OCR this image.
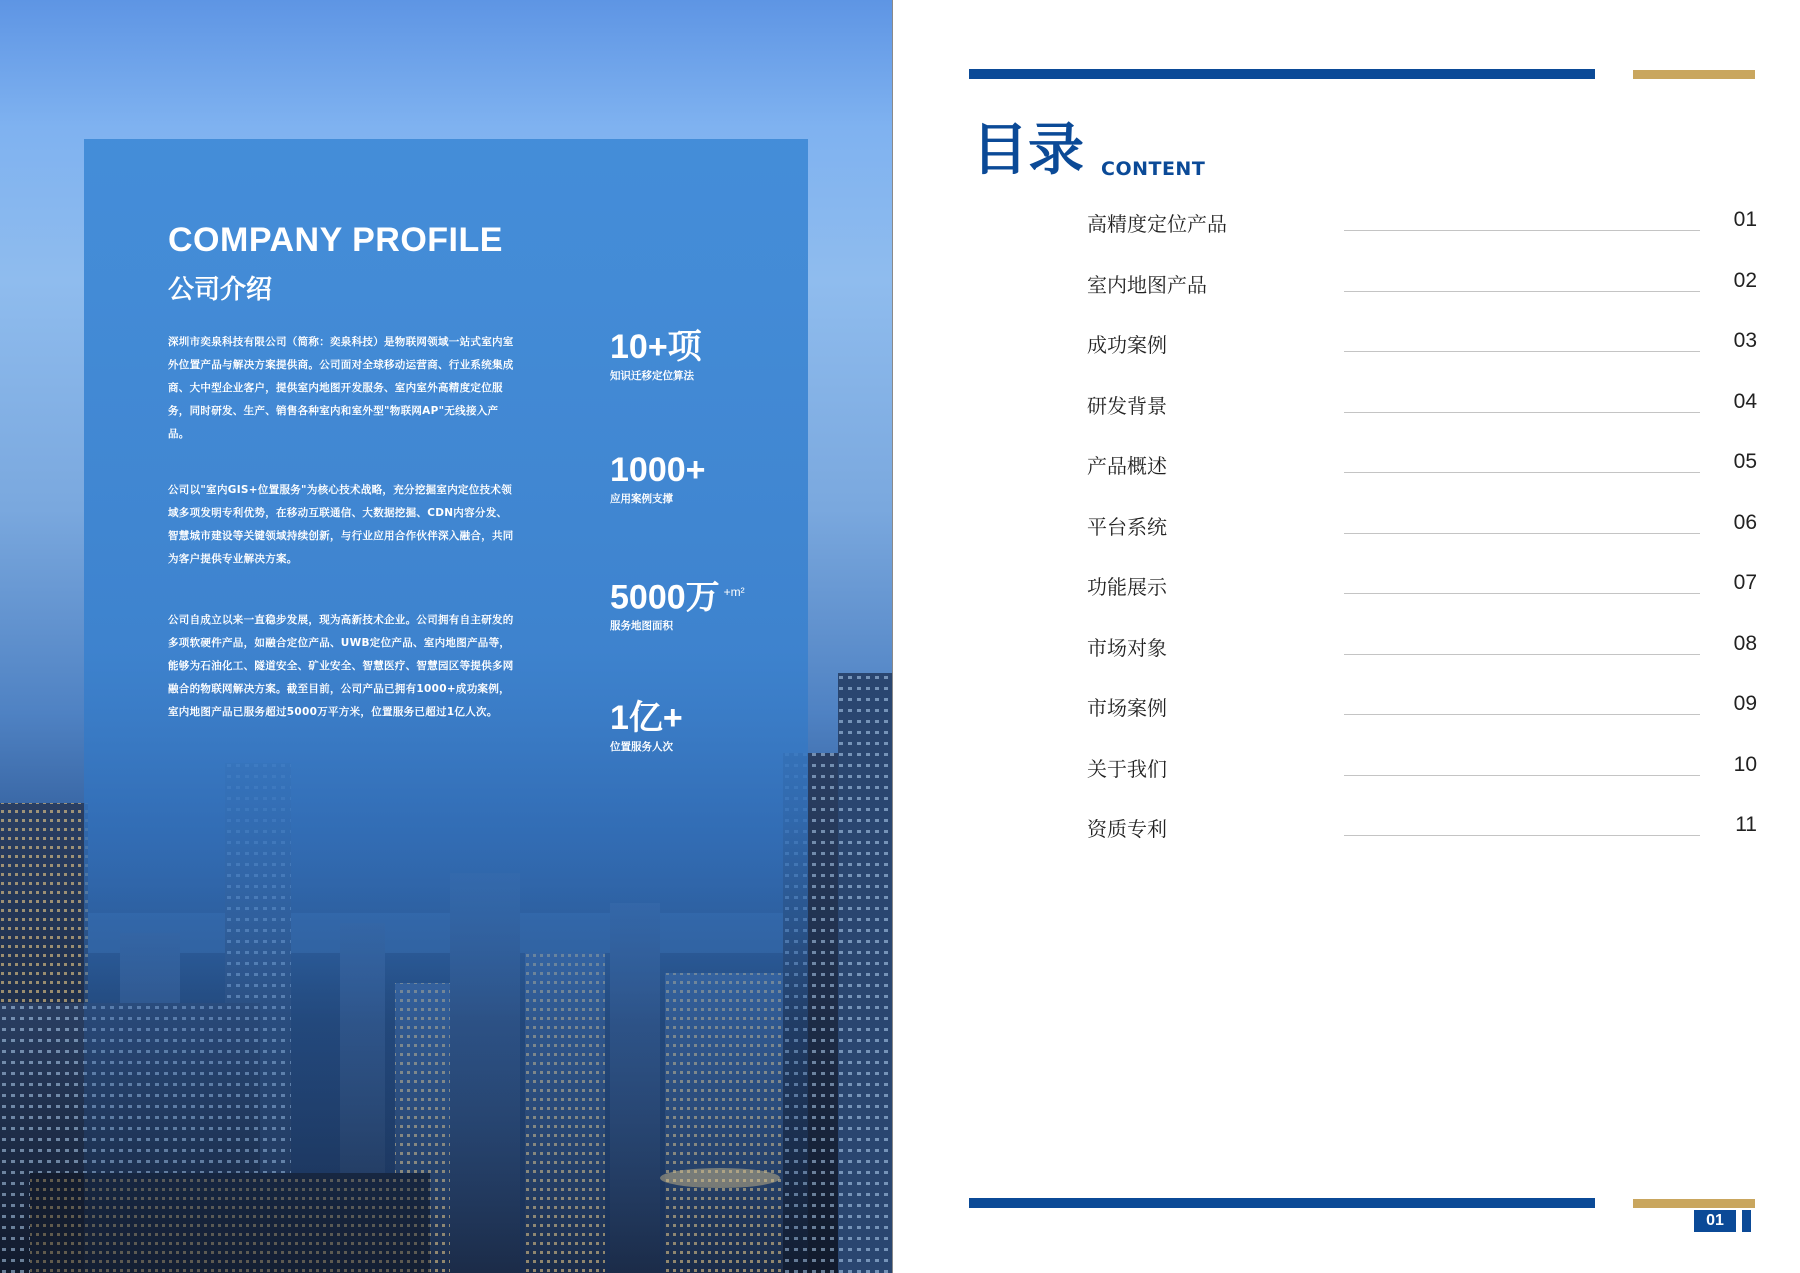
COMPANY PROFILE
公司介绍

深圳市奕泉科技有限公司（简称：奕泉科技）是物联网领域一站式室内室外位置产品与解决方案提供商。公司面对全球移动运营商、行业系统集成商、大中型企业客户，提供室内地图开发服务、室内室外高精度定位服务，同时研发、生产、销售各种室内和室外型"物联网AP"无线接入产品。

公司以"室内GIS+位置服务"为核心技术战略，充分挖掘室内定位技术领域多项发明专利优势，在移动互联通信、大数据挖掘、CDN内容分发、智慧城市建设等关键领域持续创新，与行业应用合作伙伴深入融合，共同为客户提供专业解决方案。

公司自成立以来一直稳步发展，现为高新技术企业。公司拥有自主研发的多项软硬件产品，如融合定位产品、UWB定位产品、室内地图产品等，能够为石油化工、隧道安全、矿业安全、智慧医疗、智慧园区等提供多网融合的物联网解决方案。截至目前，公司产品已拥有1000+成功案例，室内地图产品已服务超过5000万平方米，位置服务已超过1亿人次。

10+项
知识迁移定位算法
1000+
应用案例支撑
5000万 $^{+m^2}$
服务地图面积
1亿+
位置服务人次
目录 CONTENT
高精度定位产品	01
室内地图产品	02
成功案例	03
研发背景	04
产品概述	05
平台系统	06
功能展示	07
市场对象	08
市场案例	09
关于我们	10
资质专利	11
01
